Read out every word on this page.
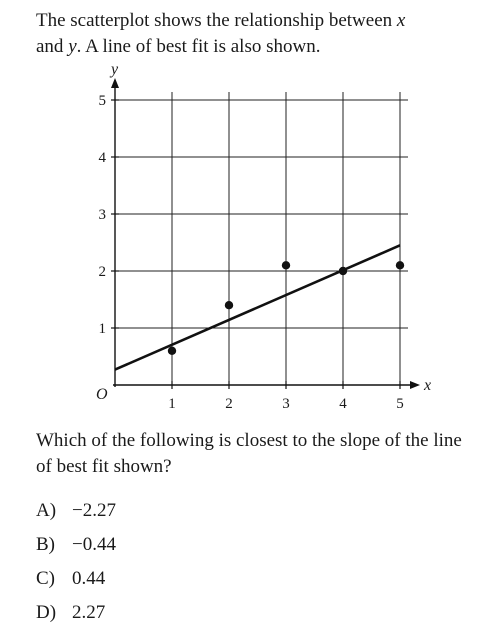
The scatterplot shows the relationship between x
and y. A line of best fit is also shown.

x
y
O
1	2	3	4	5
1
2
3
4
5

Which of the following is closest to the slope of the line of best fit shown?

A) −2.27
B) −0.44
C) 0.44
D) 2.27
